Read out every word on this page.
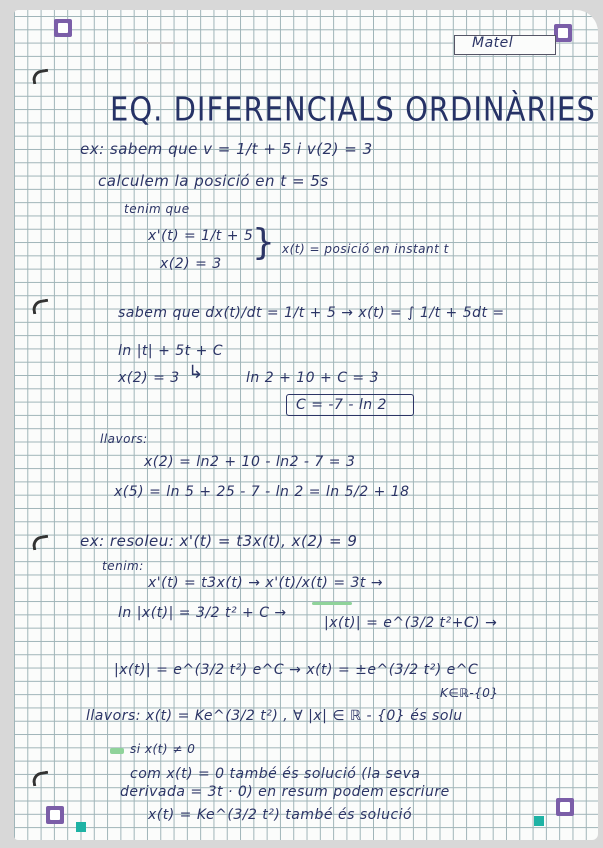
Matel
EQ. DIFERENCIALS ORDINÀRIES
ex: sabem que v = 1/t + 5 i v(2) = 3
calculem la posició en t = 5s
tenim que
x'(t) = 1/t + 5
x(2) = 3
} x(t) = posició en instant t
sabem que dx(t)/dt = 1/t + 5 → x(t) = ∫ 1/t + 5dt =
ln |t| + 5t + C
x(2) = 3 ↳	ln 2 + 10 + C = 3
C = -7 - ln 2
llavors:
x(2) = ln2 + 10 - ln2 - 7 = 3
x(5) = ln 5 + 25 - 7 - ln 2 = ln 5/2 + 18
ex: resoleu: x'(t) = t3x(t), x(2) = 9
tenim:
x'(t) = t3x(t) → x'(t)/x(t) = 3t →
ln |x(t)| = 3/2 t² + C →
|x(t)| = e^(3/2 t²+C) →
|x(t)| = e^(3/2 t²) e^C → x(t) = ±e^(3/2 t²) e^C
K∈ℝ-{0}
llavors: x(t) = Ke^(3/2 t²) , ∀ |x| ∈ ℝ - {0} és solu
si x(t) ≠ 0
com x(t) = 0 també és solució (la seva
derivada = 3t · 0) en resum podem escriure
x(t) = Ke^(3/2 t²) també és solució
